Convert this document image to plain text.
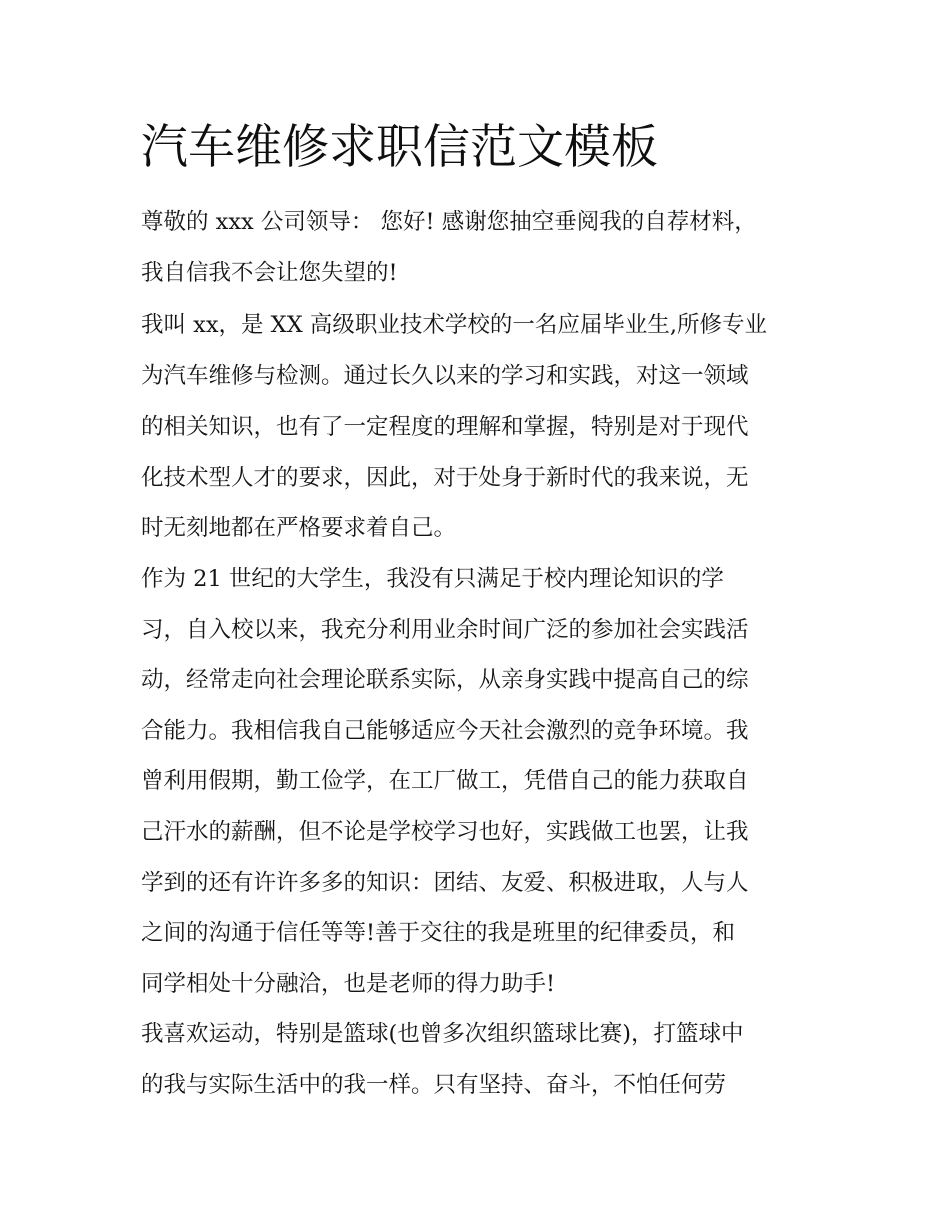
汽车维修求职信范文模板

尊敬的 xxx 公司领导： 您好! 感谢您抽空垂阅我的自荐材料，

我自信我不会让您失望的!

我叫 xx，是 XX 高级职业技术学校的一名应届毕业生,所修专业

为汽车维修与检测。通过长久以来的学习和实践，对这一领域

的相关知识，也有了一定程度的理解和掌握，特别是对于现代

化技术型人才的要求，因此，对于处身于新时代的我来说，无

时无刻地都在严格要求着自己。

作为 21 世纪的大学生，我没有只满足于校内理论知识的学

习，自入校以来，我充分利用业余时间广泛的参加社会实践活

动，经常走向社会理论联系实际，从亲身实践中提高自己的综

合能力。我相信我自己能够适应今天社会激烈的竞争环境。我

曾利用假期，勤工俭学，在工厂做工，凭借自己的能力获取自

己汗水的薪酬，但不论是学校学习也好，实践做工也罢，让我

学到的还有许许多多的知识：团结、友爱、积极进取，人与人

之间的沟通于信任等等!善于交往的我是班里的纪律委员，和

同学相处十分融洽，也是老师的得力助手!

我喜欢运动，特别是篮球(也曾多次组织篮球比赛)，打篮球中

的我与实际生活中的我一样。只有坚持、奋斗，不怕任何劳
